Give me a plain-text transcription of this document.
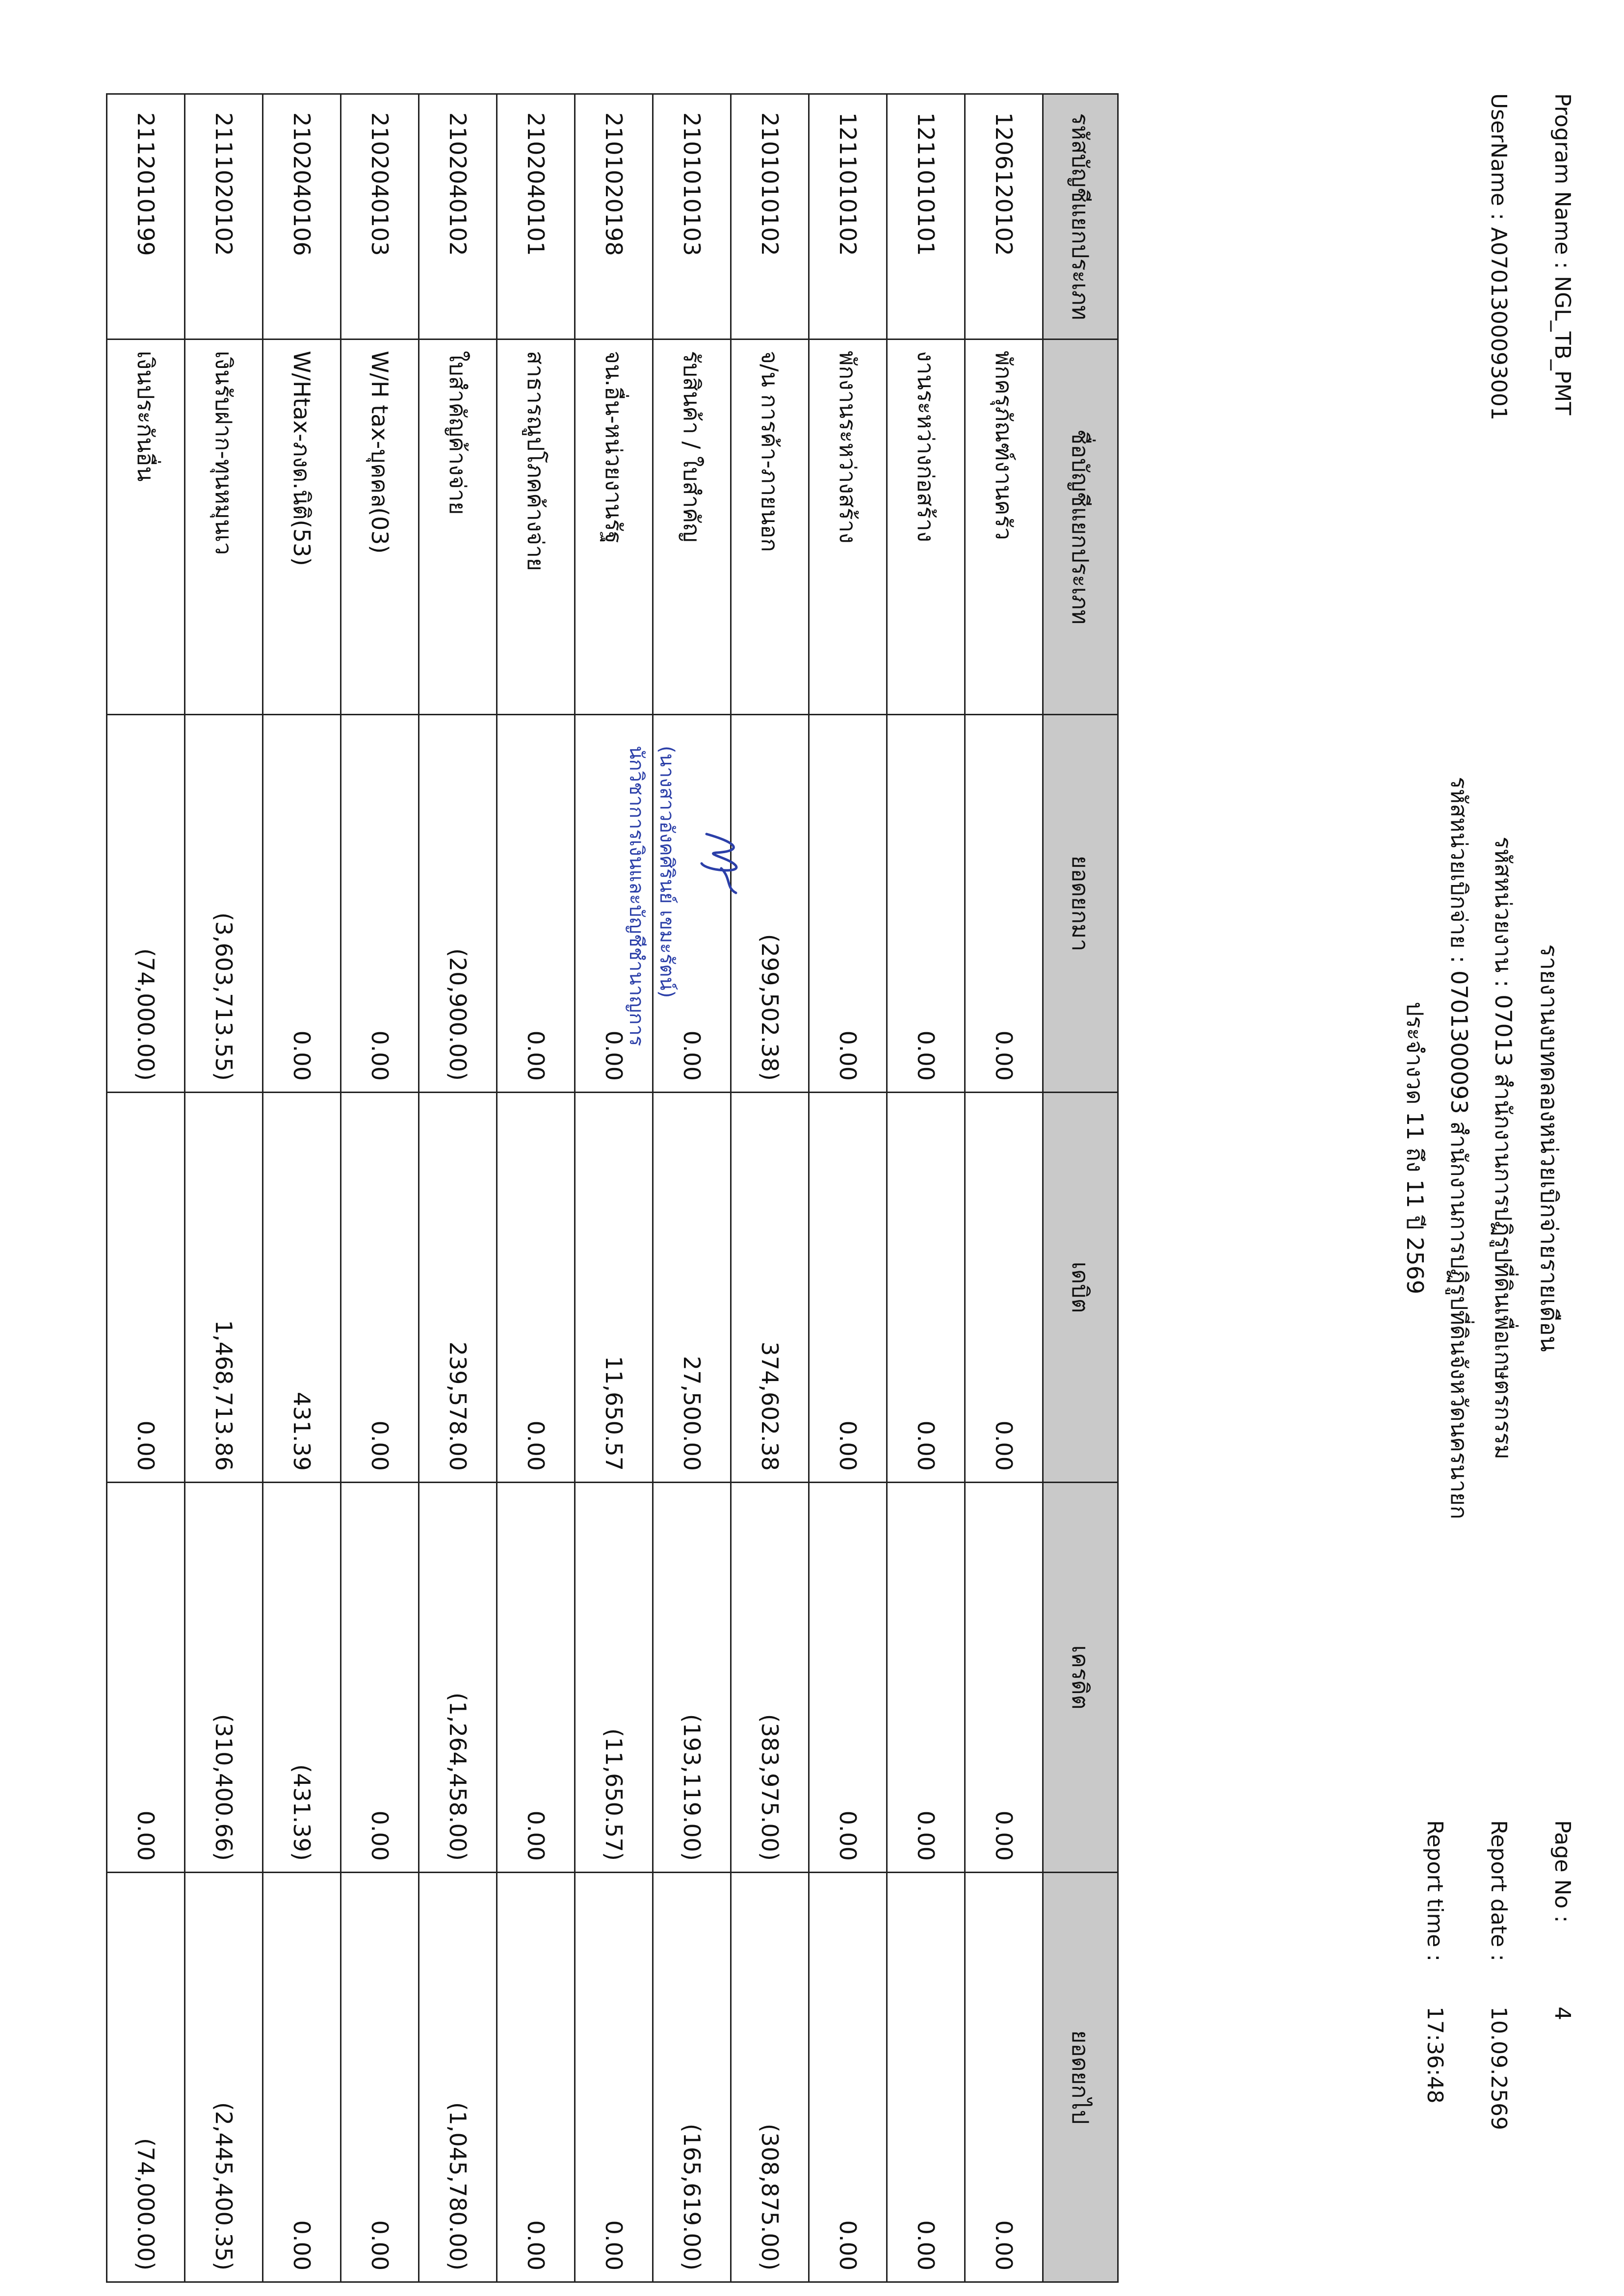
Program Name : NGL_TB_PMT
UserName : A070130009​3001
รายงานงบทดลองหน่วยเบิกจ่ายรายเดือน
รหัสหน่วยงาน : 07013 สำนักงานการปฏิรูปที่ดินเพื่อเกษตรกรรม
รหัสหน่วยเบิกจ่าย : 0701300093 สำนักงานการปฏิรูปที่ดินจังหวัดนครนายก
ประจำงวด 11 ถึง 11 ปี 2569
Page No :
4
Report date :
10.09.2569
Report time :
17:36:48
รหัสบัญชีแยกประเภท	ชื่อบัญชีแยกประเภท	ยอดยกมา	เดบิต	เครดิต	ยอดยกไป
1206120102	พักครุภัณฑ์งานครัว	0.00	0.00	0.00	0.00
1211010101	งานระหว่างก่อสร้าง	0.00	0.00	0.00	0.00
1211010102	พักงานระหว่างสร้าง	0.00	0.00	0.00	0.00
2101010102	จ/น การค้า-ภายนอก	(299,502.38)	374,602.38	(383,975.00)	(308,875.00)
2101010103	รับสินค้า / ใบสำคัญ	0.00	27,500.00	(193,119.00)	(165,619.00)
2101020198	จน.อื่น-หน่วยงานรัฐ	0.00	11,650.57	(11,650.57)	0.00
2102040101	สาธารณูปโภคค้างจ่าย	0.00	0.00	0.00	0.00
2102040102	ใบสำคัญค้างจ่าย	(20,900.00)	239,578.00	(1,264,458.00)	(1,045,780.00)
2102040103	W/H tax-บุคคล(03)	0.00	0.00	0.00	0.00
2102040106	W/Htax-ภงด.นิติ(53)	0.00	431.39	(431.39)	0.00
2111020102	เงินรับฝาก-ทุนหมุนเว	(3,603,713.55)	1,468,713.86	(310,400.66)	(2,445,400.35)
2112010199	เงินประกันอื่น	(74,000.00)	0.00	0.00	(74,000.00)
(นางสาวอังคศิรินย์ เขมะรัตน์)
นักวิชาการเงินและบัญชีชำนาญการ
